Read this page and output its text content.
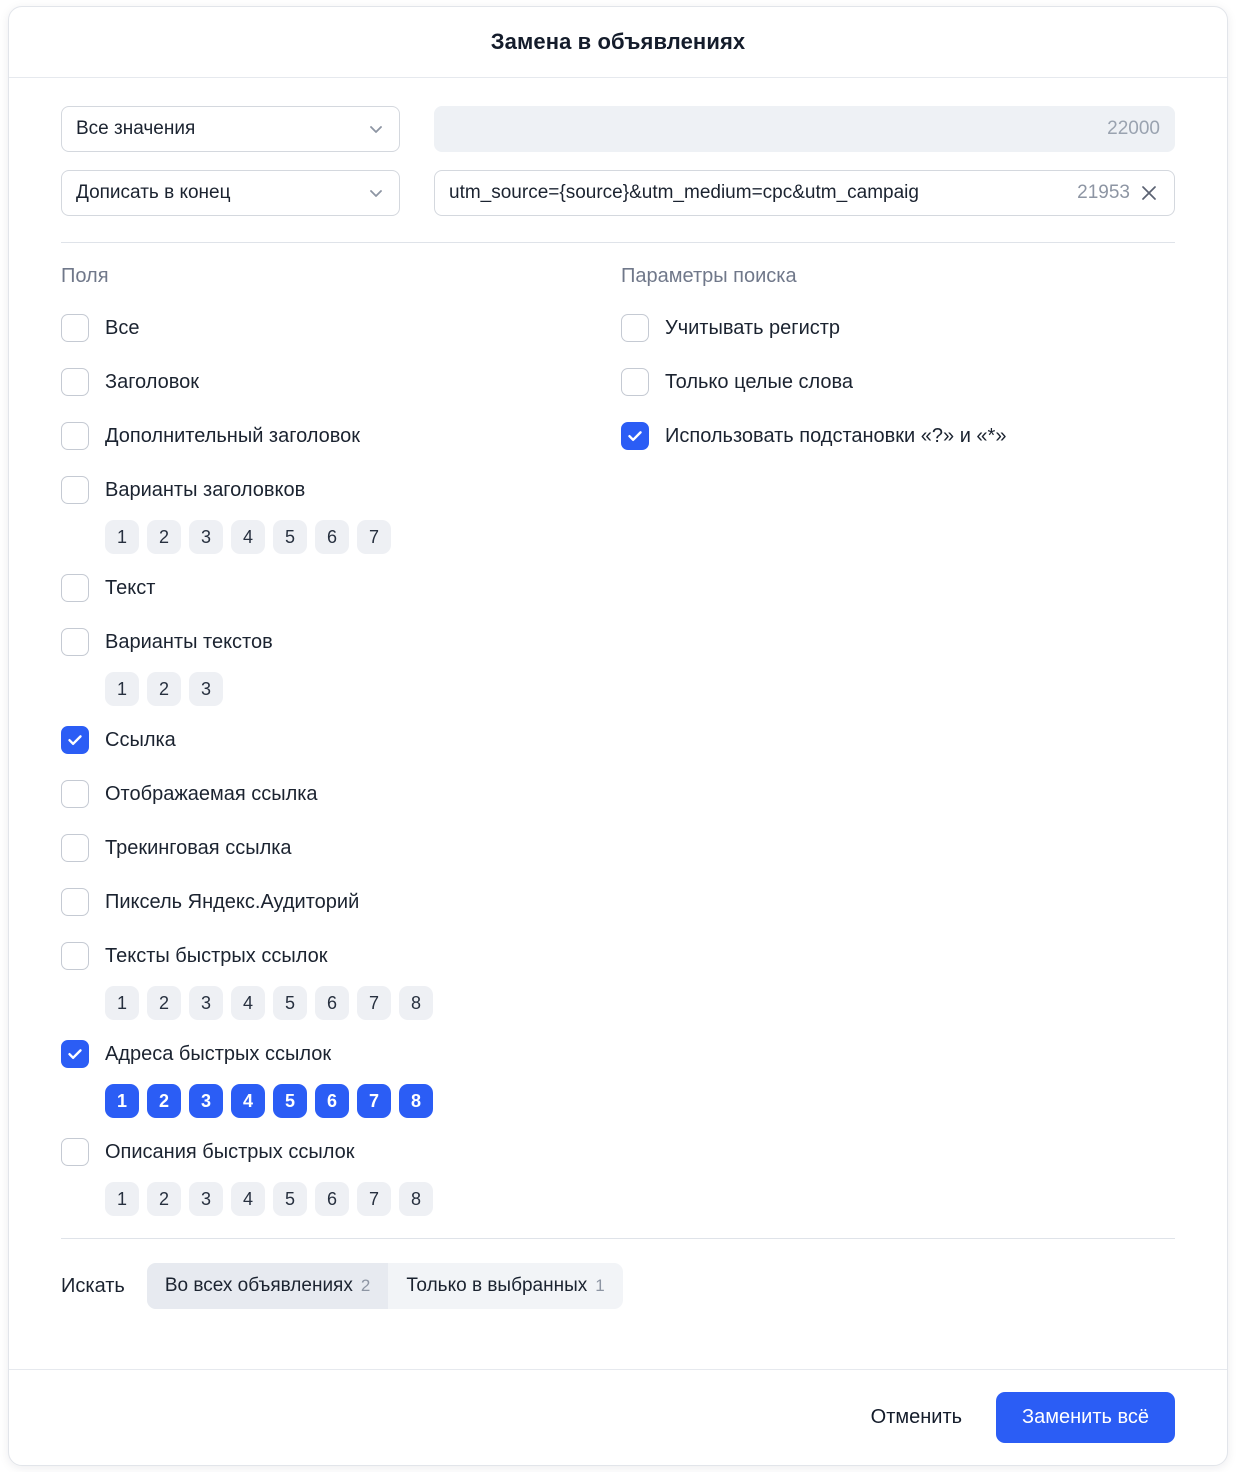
Замена в объявлениях
Все значения	22000
Дописать в конец	utm_source={source}&utm_medium=cpc&utm_campaig	21953
Поля
Все
Заголовок
Дополнительный заголовок
Варианты заголовков
1	2	3	4	5	6	7
Текст
Варианты текстов
1	2	3
Ссылка
Отображаемая ссылка
Трекинговая ссылка
Пиксель Яндекс.Аудиторий
Тексты быстрых ссылок
1	2	3	4	5	6	7	8
Адреса быстрых ссылок
1	2	3	4	5	6	7	8
Описания быстрых ссылок
1	2	3	4	5	6	7	8
Параметры поиска
Учитывать регистр
Только целые слова
Использовать подстановки «?» и «*»
Искать Во всех объявлениях 2 Только в выбранных 1
Отменить	Заменить всё
